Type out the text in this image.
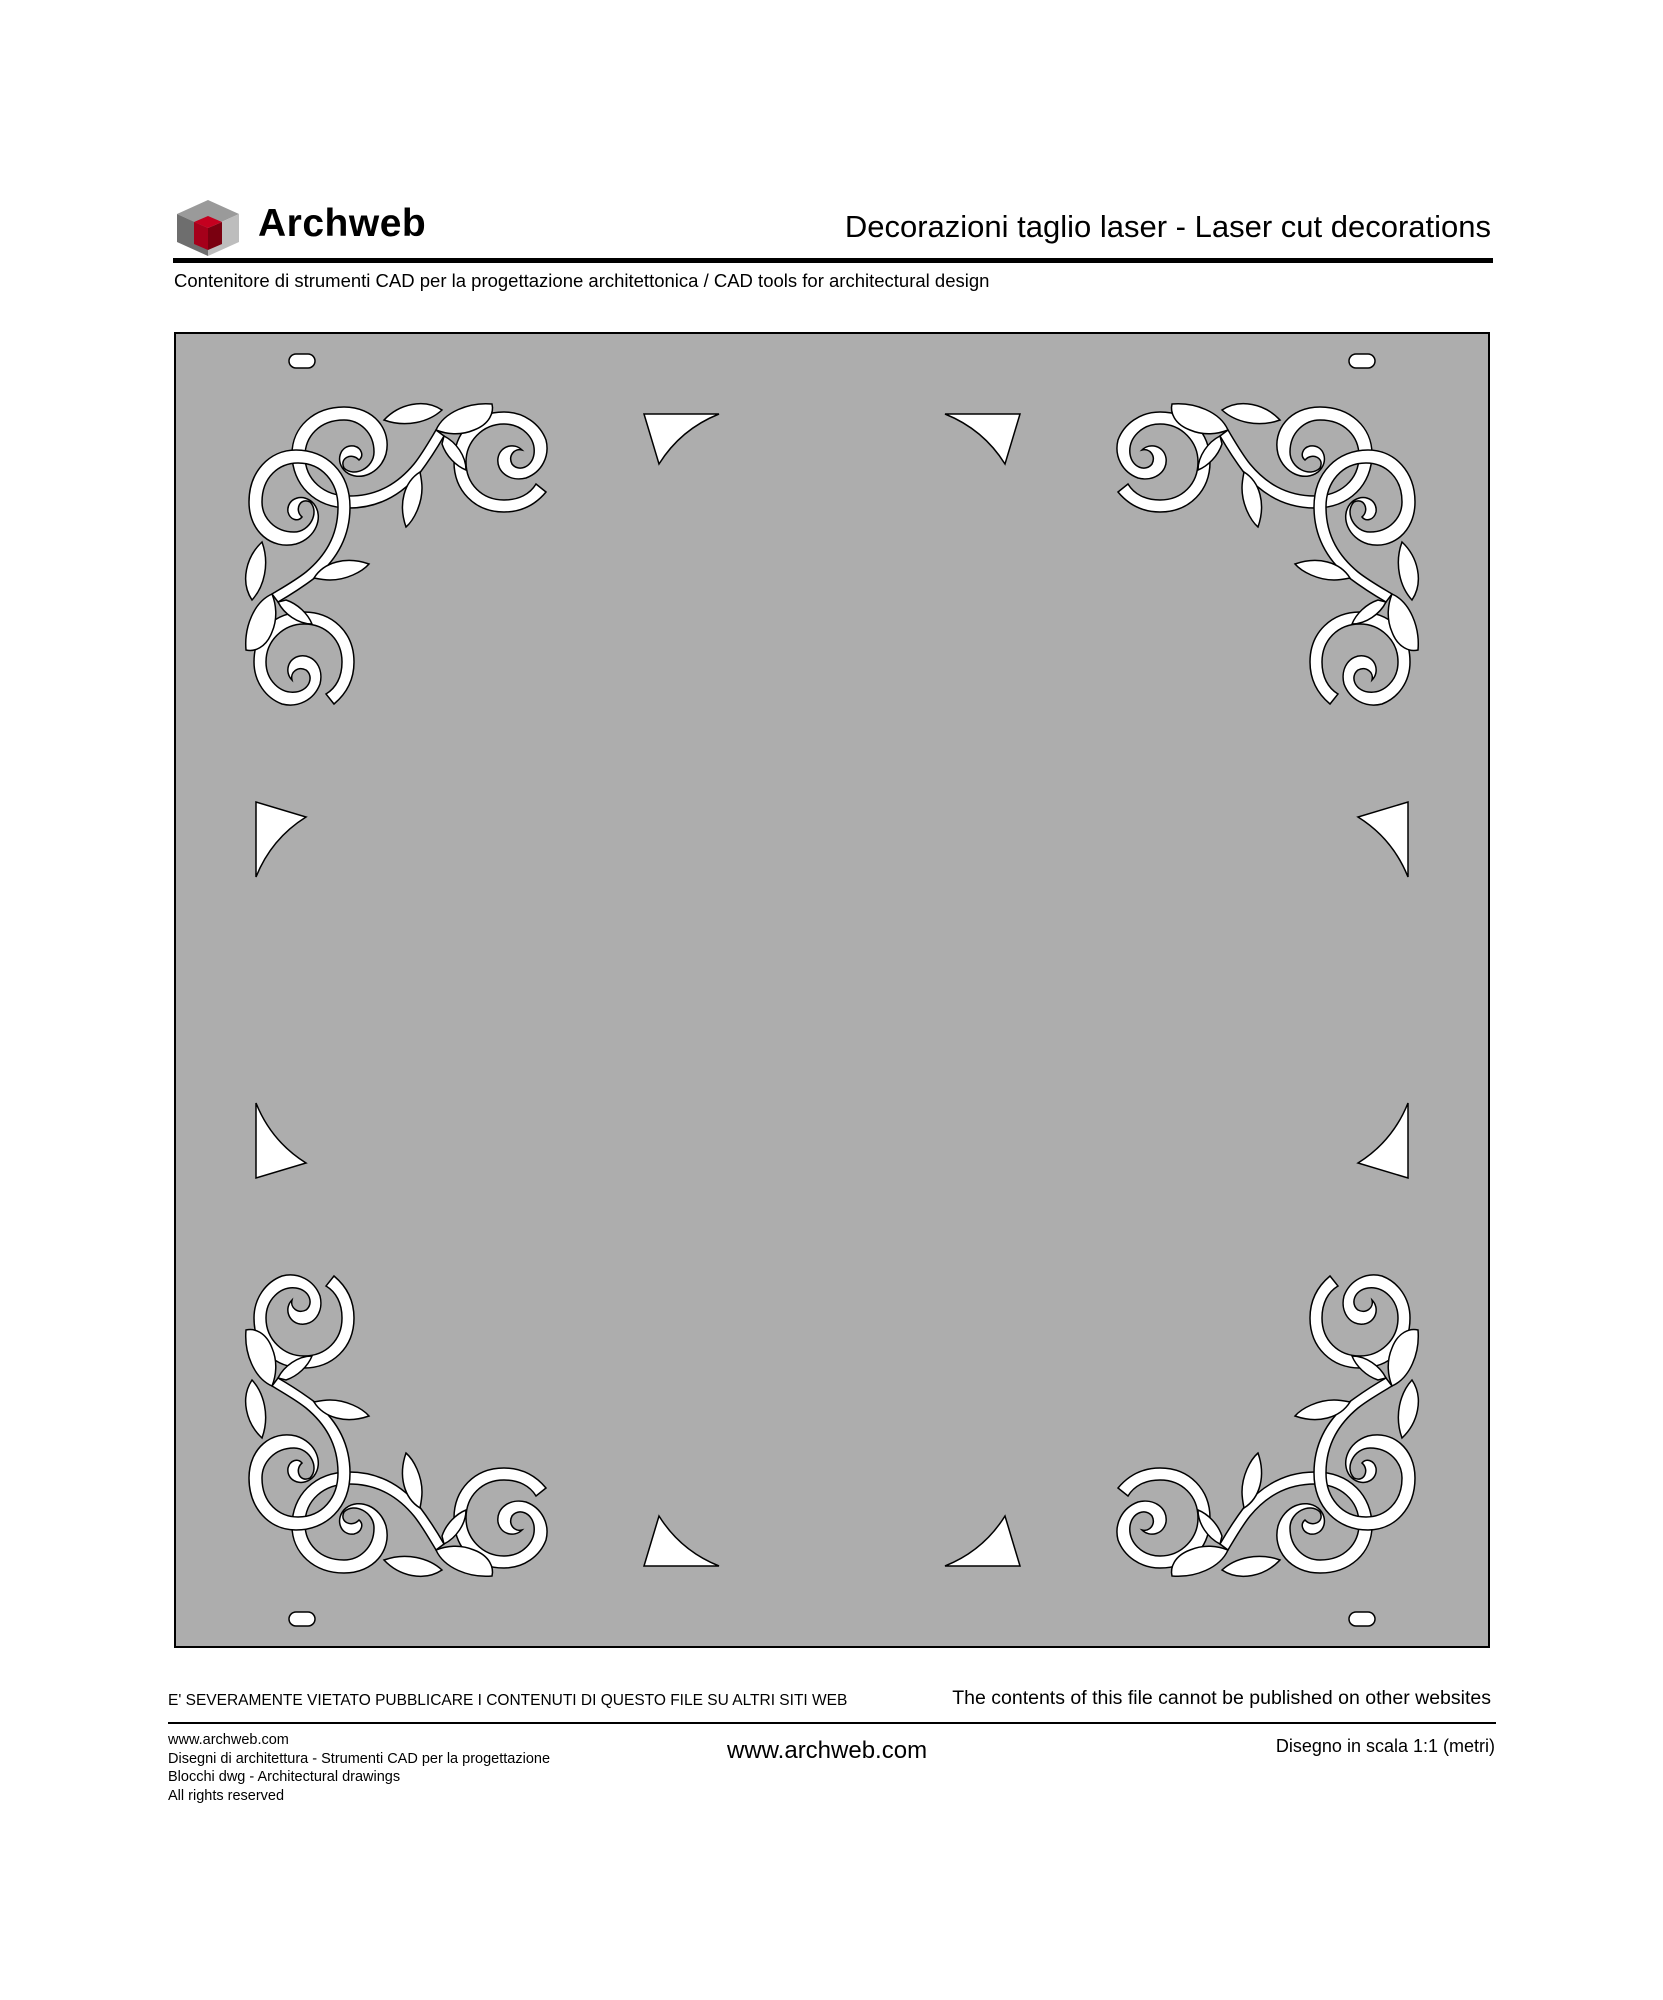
Archweb	Decorazioni taglio laser - Laser cut decorations
Contenitore di strumenti CAD per la progettazione architettonica / CAD tools for architectural design
E' SEVERAMENTE VIETATO PUBBLICARE I CONTENUTI DI QUESTO FILE SU ALTRI SITI WEB	The contents of this file cannot be published on other websites
www.archweb.com
Disegni di architettura - Strumenti CAD per la progettazione
Blocchi dwg - Architectural drawings
All rights reserved
www.archweb.com	Disegno in scala 1:1 (metri)
